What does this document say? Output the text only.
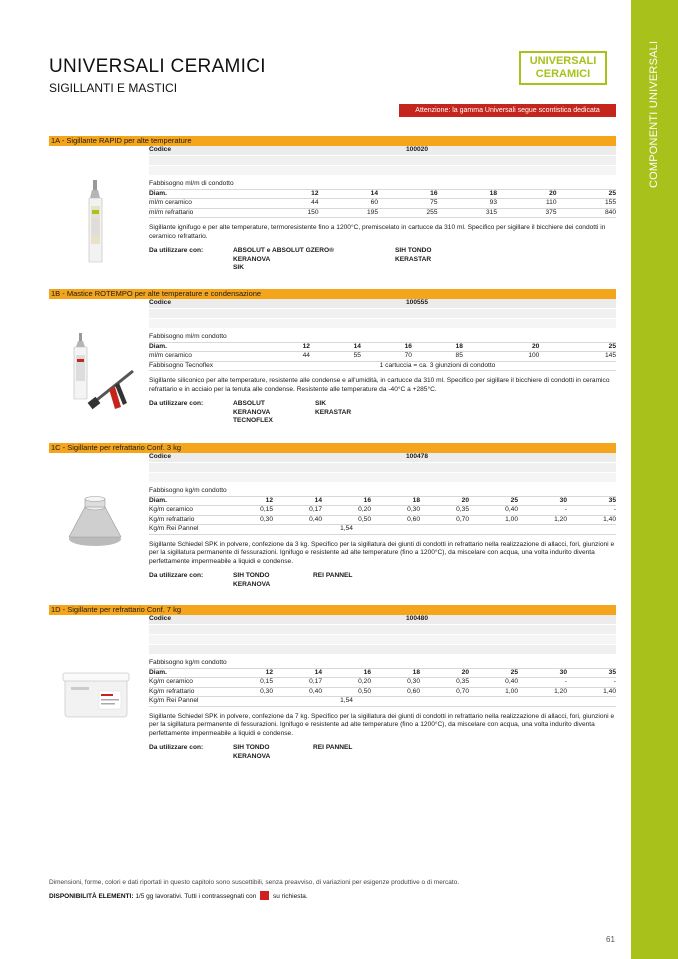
COMPONENTI UNIVERSALI
UNIVERSALI CERAMICI
SIGILLANTI E MASTICI
UNIVERSALI
CERAMICI
Attenzione: la gamma Universali segue scontistica dedicata
1A - Sigillante RAPID per alte temperature
Codice	100020
Fabbisogno ml/m di condotto						
Diam.	12	14	16	18	20	25
ml/m ceramico	44	60	75	93	110	155
ml/m refrattario	150	195	255	315	375	840
Sigillante ignifugo e per alte temperature, termoresistente fino a 1200°C, premiscelato in cartucce da 310 ml. Specifico per sigillare il bicchiere dei condotti in ceramico refrattario.
Da utilizzare con:	ABSOLUT e ABSOLUT GZERO®
KERANOVA
SIK
SIH TONDO
KERASTAR
1B - Mastice ROTEMPO per alte temperature e condensazione
Codice	100555
Fabbisogno ml/m condotto						
Diam.	12	14	16	18	20	25
ml/m ceramico	44	55	70	85	100	145
Fabbisogno Tecnoflex	1 cartuccia = ca. 3 giunzioni di condotto					
Sigillante siliconico per alte temperature, resistente alle condense e all'umidità, in cartucce da 310 ml. Specifico per sigillare il bicchiere di condotti in ceramico refrattario e in acciaio per la tenuta alle condense. Resistente alle temperature da -40°C a +285°C.
Da utilizzare con:	ABSOLUT
KERANOVA
TECNOFLEX
SIK
KERASTAR
1C - Sigillante per refrattario Conf. 3 kg
Codice	100478
Fabbisogno kg/m condotto								
Diam.	12	14	16	18	20	25	30	35
Kg/m ceramico	0,15	0,17	0,20	0,30	0,35	0,40	-	-
Kg/m refrattario	0,30	0,40	0,50	0,60	0,70	1,00	1,20	1,40
Kg/m Rei Pannel	1,54							
Sigillante Schiedel SPK in polvere, confezione da 3 kg. Specifico per la sigillatura dei giunti di condotti in refrattario nella realizzazione di allacci, fori, giunzioni e per la sigillatura permanente di fessurazioni. Ignifugo e resistente ad alte temperature (fino a 1200°C), da miscelare con acqua, una volta indurito diventa perfettamente impermeabile a liquidi e condense.
Da utilizzare con:	SIH TONDO
KERANOVA
REI PANNEL
1D - Sigillante per refrattario Conf. 7 kg
Codice	100480
Fabbisogno kg/m condotto								
Diam.	12	14	16	18	20	25	30	35
Kg/m ceramico	0,15	0,17	0,20	0,30	0,35	0,40	-	-
Kg/m refrattario	0,30	0,40	0,50	0,60	0,70	1,00	1,20	1,40
Kg/m Rei Pannel	1,54							
Sigillante Schiedel SPK in polvere, confezione da 7 kg. Specifico per la sigillatura dei giunti di condotti in refrattario nella realizzazione di allacci, fori, giunzioni e per la sigillatura permanente di fessurazioni. Ignifugo e resistente ad alte temperature (fino a 1200°C), da miscelare con acqua, una volta indurito diventa perfettamente impermeabile a liquidi e condense.
Da utilizzare con:	SIH TONDO
KERANOVA
REI PANNEL
Dimensioni, forme, colori e dati riportati in questo capitolo sono suscettibili, senza preavviso, di variazioni per esigenze produttive o di mercato.
DISPONIBILITÀ ELEMENTI: 1/5 gg lavorativi. Tutti i contrassegnati con	su richiesta.
61
